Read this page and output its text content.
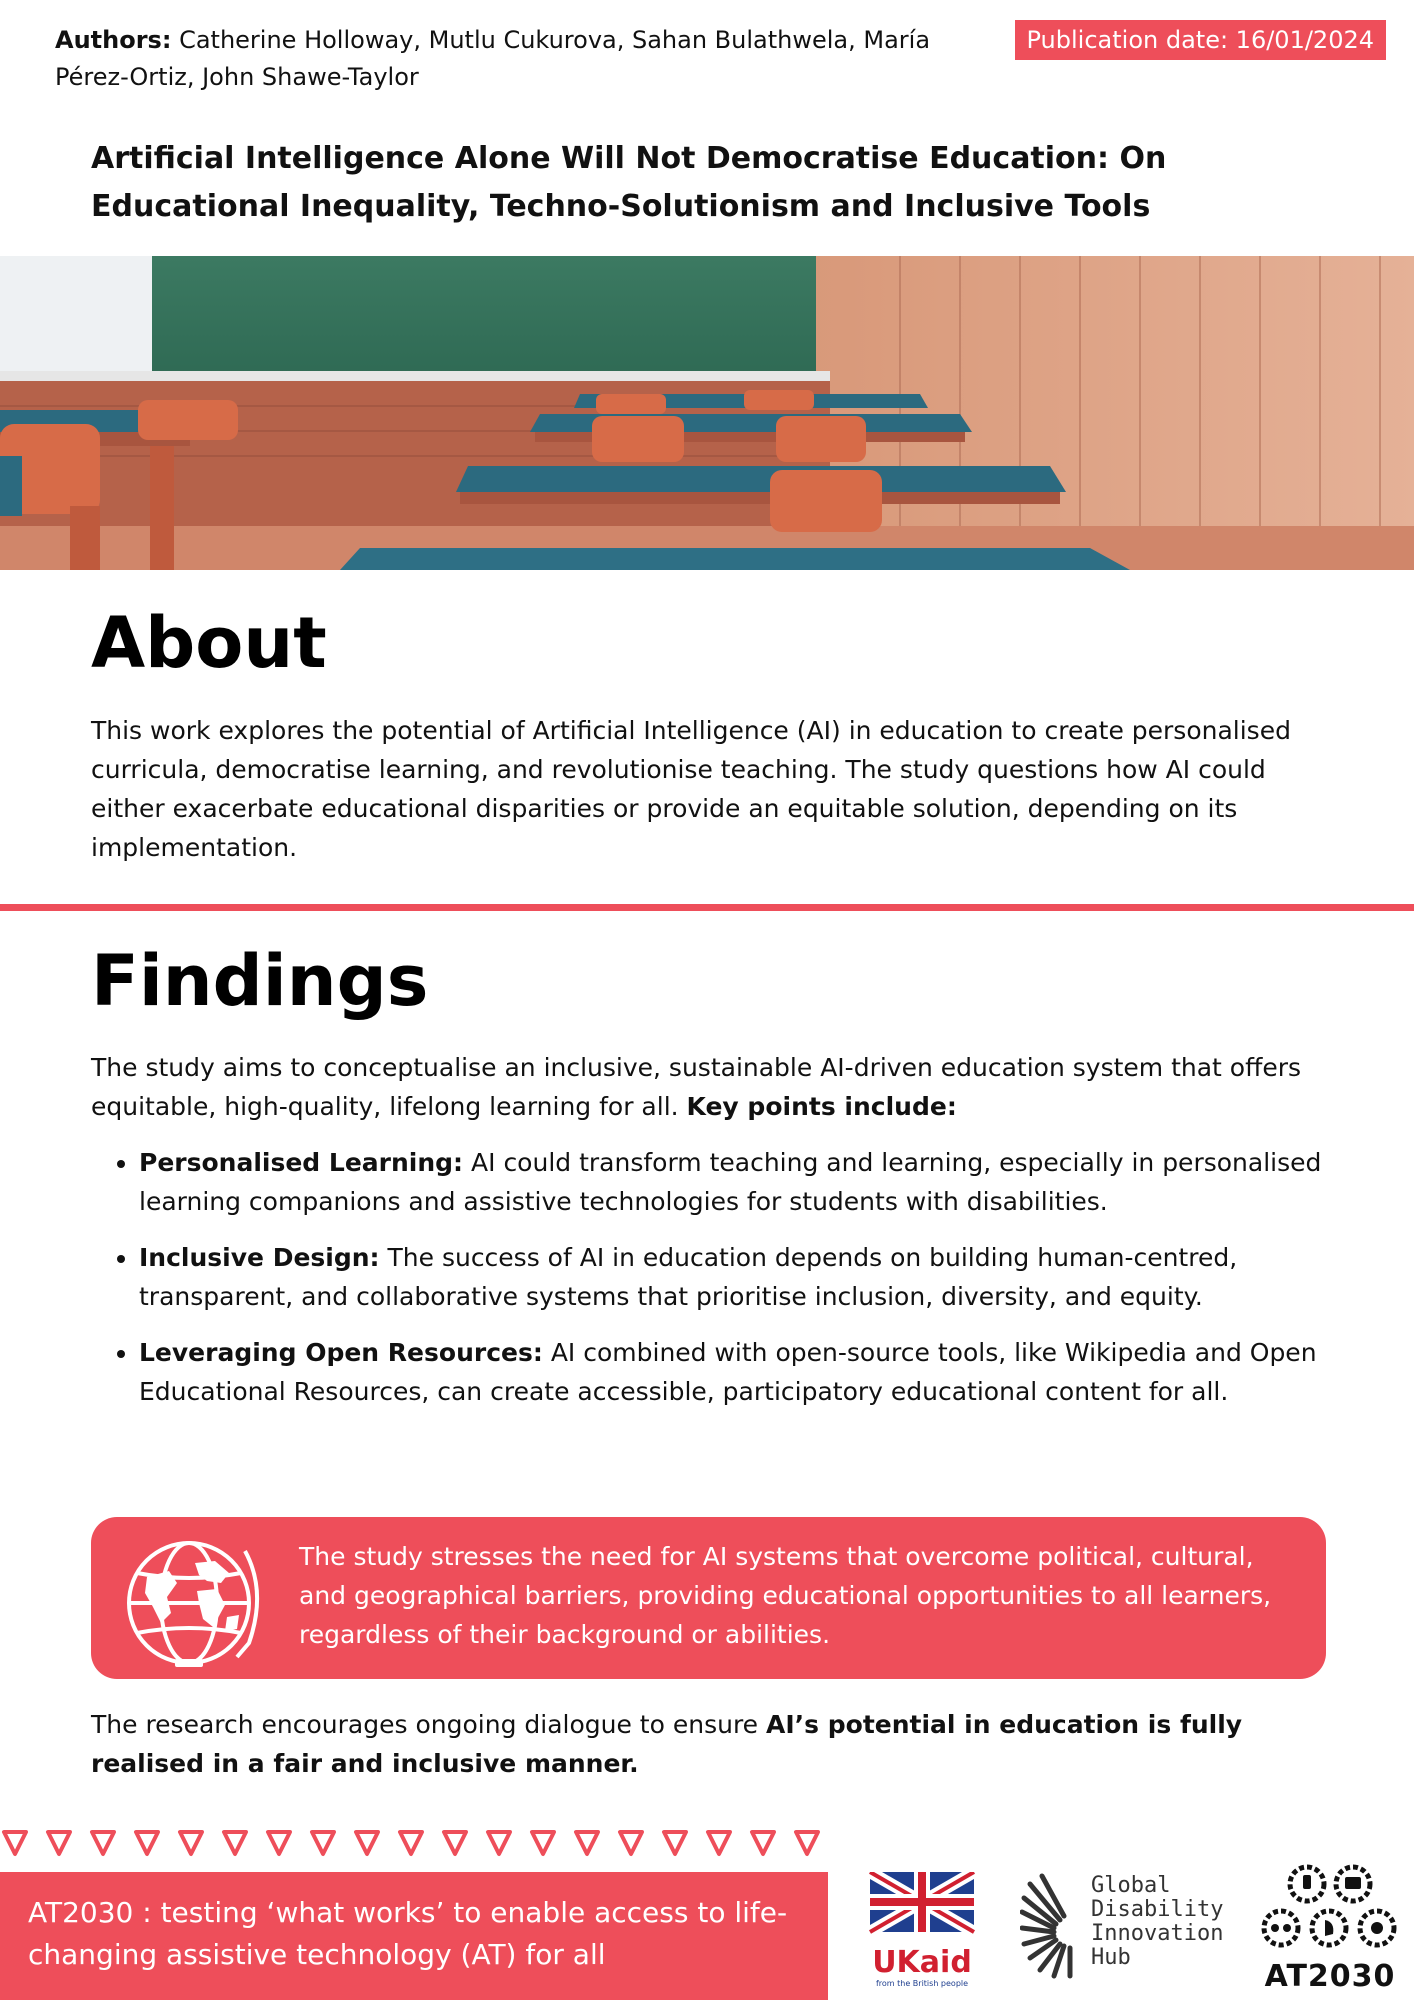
Authors: Catherine Holloway, Mutlu Cukurova, Sahan Bulathwela, María Pérez-Ortiz, John Shawe-Taylor
Publication date: 16/01/2024
Artificial Intelligence Alone Will Not Democratise Education: On Educational Inequality, Techno-Solutionism and Inclusive Tools
About
This work explores the potential of Artificial Intelligence (AI) in education to create personalised curricula, democratise learning, and revolutionise teaching. The study questions how AI could either exacerbate educational disparities or provide an equitable solution, depending on its implementation.
Findings
The study aims to conceptualise an inclusive, sustainable AI-driven education system that offers equitable, high-quality, lifelong learning for all. Key points include:
• Personalised Learning: AI could transform teaching and learning, especially in personalised learning companions and assistive technologies for students with disabilities.
• Inclusive Design: The success of AI in education depends on building human-centred, transparent, and collaborative systems that prioritise inclusion, diversity, and equity.
• Leveraging Open Resources: AI combined with open-source tools, like Wikipedia and Open Educational Resources, can create accessible, participatory educational content for all.

The study stresses the need for AI systems that overcome political, cultural, and geographical barriers, providing educational opportunities to all learners, regardless of their background or abilities.

The research encourages ongoing dialogue to ensure AI’s potential in education is fully realised in a fair and inclusive manner.

AT2030 : testing ‘what works’ to enable access to life-changing assistive technology (AT) for all	UKaid
from the British people
Global
Disability
Innovation
Hub
AT2030
